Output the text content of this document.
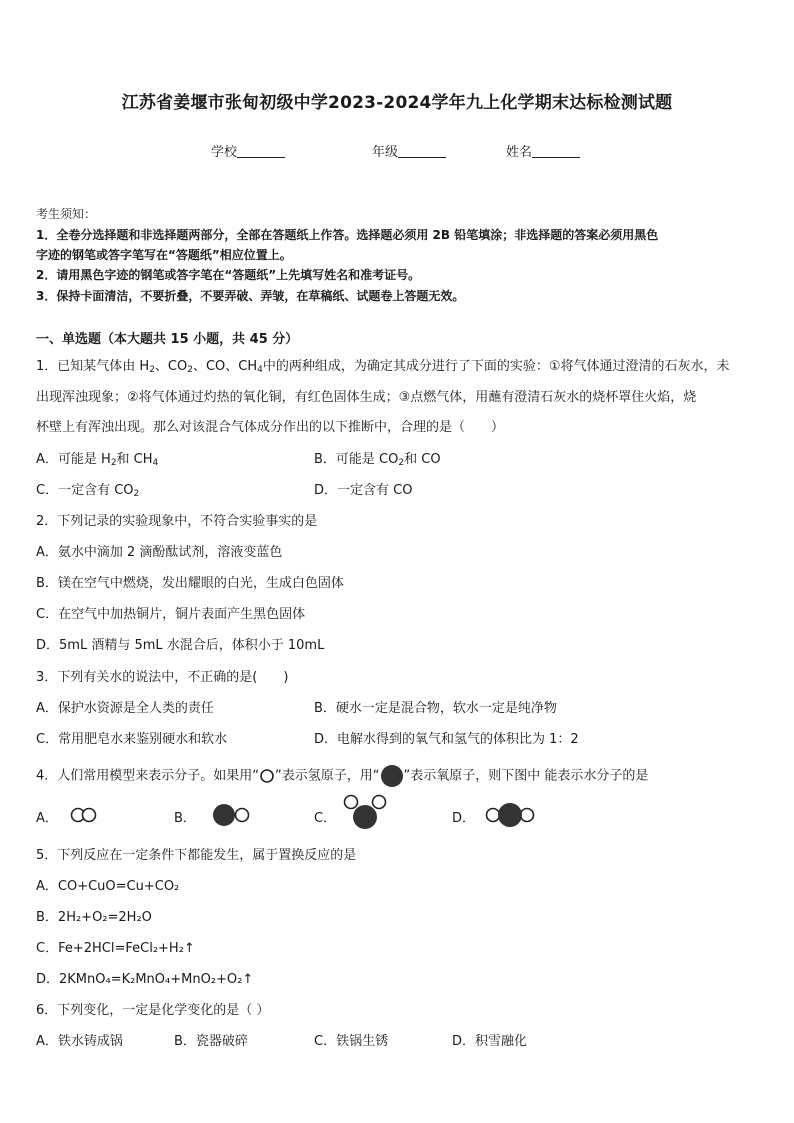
江苏省姜堰市张甸初级中学2023-2024学年九上化学期末达标检测试题
学校	年级	姓名
考生须知：
1．全卷分选择题和非选择题两部分，全部在答题纸上作答。选择题必须用 2B 铅笔填涂；非选择题的答案必须用黑色
字迹的钢笔或答字笔写在“答题纸”相应位置上。
2．请用黑色字迹的钢笔或答字笔在“答题纸”上先填写姓名和准考证号。
3．保持卡面清洁，不要折叠，不要弄破、弄皱，在草稿纸、试题卷上答题无效。
一、单选题（本大题共 15 小题，共 45 分）
1．已知某气体由 $H_2$、$CO_2$、CO、$CH_4$中的两种组成，为确定其成分进行了下面的实验：①将气体通过澄清的石灰水，未
出现浑浊现象；②将气体通过灼热的氧化铜，有红色固体生成；③点燃气体，用蘸有澄清石灰水的烧杯罩住火焰，烧
杯壁上有浑浊出现。那么对该混合气体成分作出的以下推断中，合理的是（　　）
A．可能是 $H_2$和 $CH_4$	B．可能是 $CO_2$和 CO
C．一定含有 $CO_2$	D．一定含有 CO
2．下列记录的实验现象中，不符合实验事实的是
A．氨水中滴加 2 滴酚酞试剂，溶液变蓝色
B．镁在空气中燃烧，发出耀眼的白光，生成白色固体
C．在空气中加热铜片，铜片表面产生黑色固体
D．5mL 酒精与 5mL 水混合后，体积小于 10mL
3．下列有关水的说法中，不正确的是(　　)
A．保护水资源是全人类的责任	B．硬水一定是混合物，软水一定是纯净物
C．常用肥皂水来鉴别硬水和软水	D．电解水得到的氧气和氢气的体积比为 1：2
4．人们常用模型来表示分子。如果用“ ”表示氢原子，用“ ”表示氧原子，则下图中 能表示水分子的是
A．	B．	C．	D．
5．下列反应在一定条件下都能发生，属于置换反应的是
A．CO+CuO=Cu+CO₂
B．2H₂+O₂=2H₂O
C．Fe+2HCl=FeCl₂+H₂↑
D．2KMnO₄=K₂MnO₄+MnO₂+O₂↑
6．下列变化，一定是化学变化的是（ ）
A．铁水铸成锅	B．瓷器破碎	C．铁锅生锈	D．积雪融化
